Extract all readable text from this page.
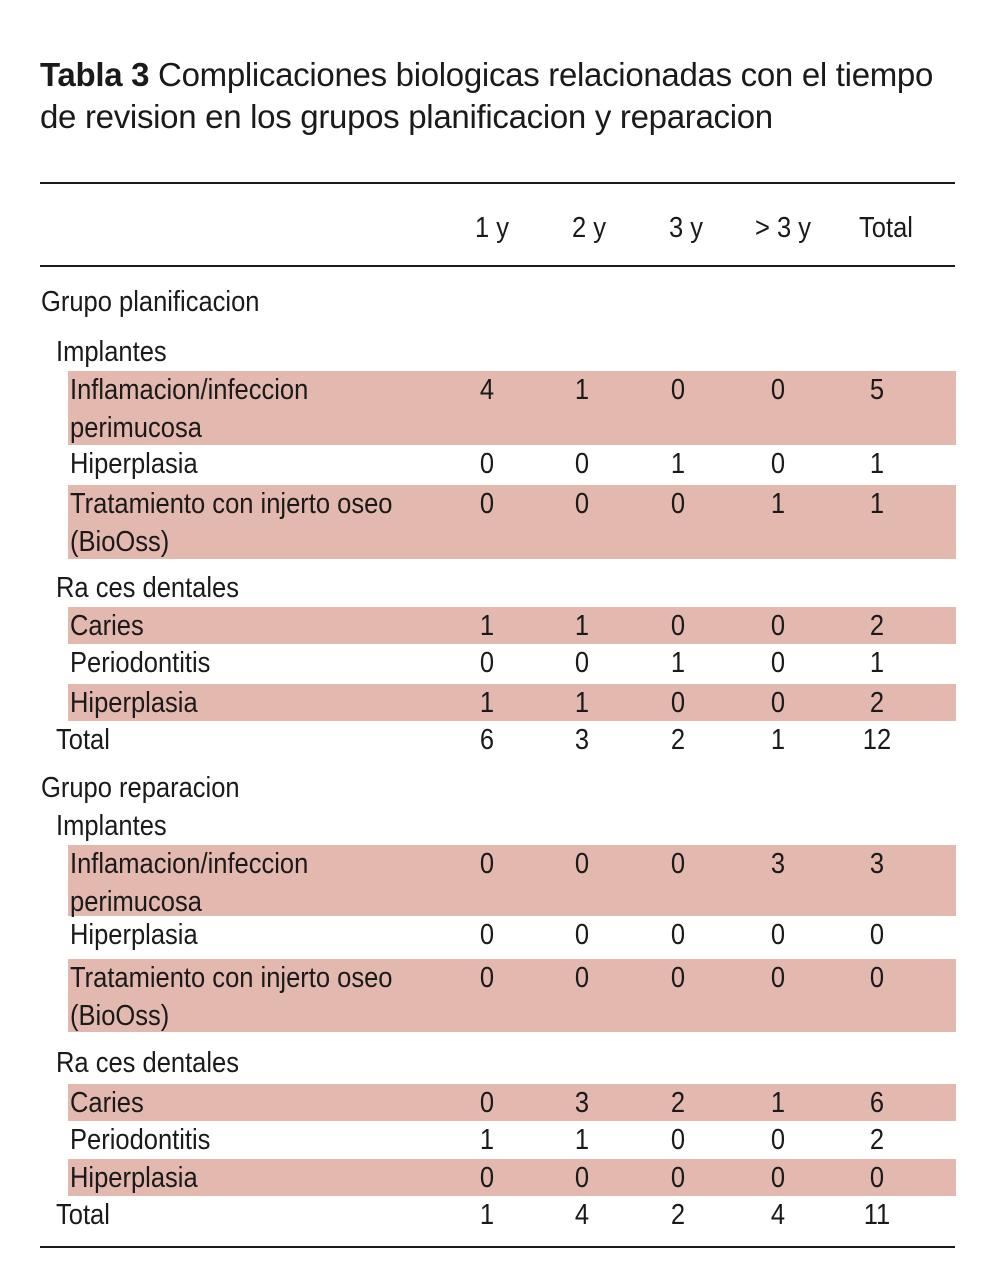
Tabla 3 Complicaciones biologicas relacionadas con el tiempo de revision en los grupos planificacion y reparacion
1 y	2 y	3 y	> 3 y	Total
Grupo planificacion
Implantes
Inflamacion/infeccion
perimucosa
4	1	0	0	5
Hiperplasia	0	0	1	0	1
Tratamiento con injerto oseo
(BioOss)
0	0	0	1	1
Ra ces dentales
Caries	1	1	0	0	2
Periodontitis	0	0	1	0	1
Hiperplasia	1	1	0	0	2
Total	6	3	2	1	12
Grupo reparacion
Implantes
Inflamacion/infeccion
perimucosa
0	0	0	3	3
Hiperplasia	0	0	0	0	0
Tratamiento con injerto oseo
(BioOss)
0	0	0	0	0
Ra ces dentales
Caries	0	3	2	1	6
Periodontitis	1	1	0	0	2
Hiperplasia	0	0	0	0	0
Total	1	4	2	4	11
